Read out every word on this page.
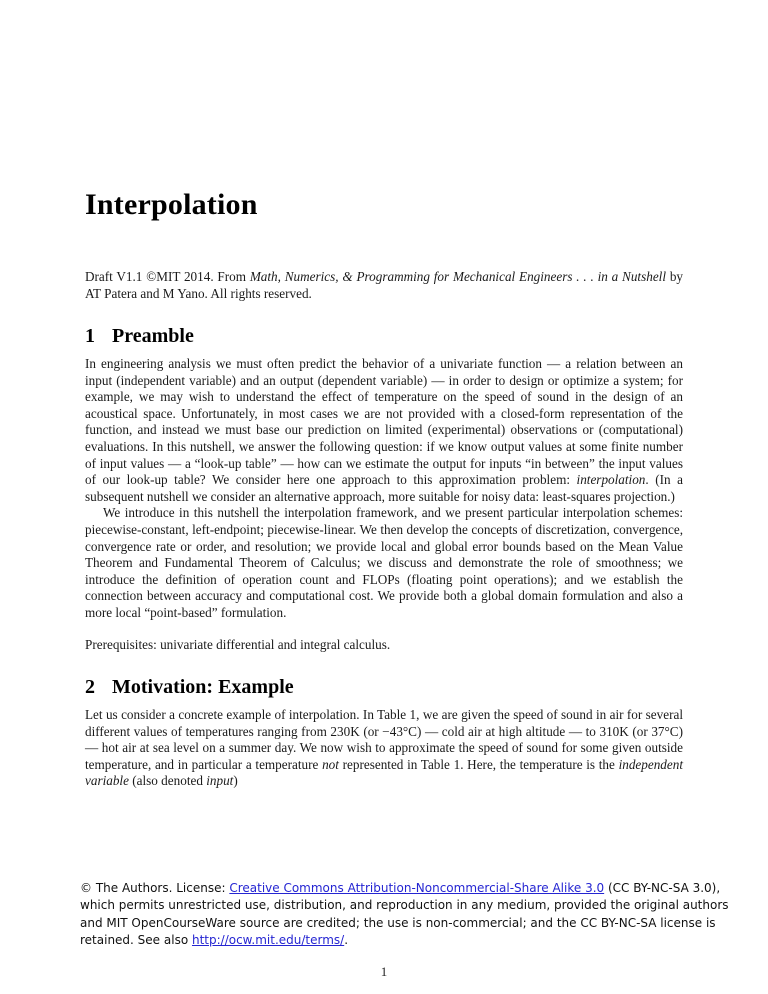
Interpolation

Draft V1.1 ©MIT 2014. From Math, Numerics, & Programming for Mechanical Engineers . . . in a Nutshell by AT Patera and M Yano. All rights reserved.

1 Preamble

In engineering analysis we must often predict the behavior of a univariate function — a relation between an input (independent variable) and an output (dependent variable) — in order to design or optimize a system; for example, we may wish to understand the effect of temperature on the speed of sound in the design of an acoustical space. Unfortunately, in most cases we are not provided with a closed-form representation of the function, and instead we must base our prediction on limited (experimental) observations or (computational) evaluations. In this nutshell, we answer the following question: if we know output values at some finite number of input values — a “look-up table” — how can we estimate the output for inputs “in between” the input values of our look-up table? We consider here one approach to this approximation problem: interpolation. (In a subsequent nutshell we consider an alternative approach, more suitable for noisy data: least-squares projection.)

We introduce in this nutshell the interpolation framework, and we present particular interpolation schemes: piecewise-constant, left-endpoint; piecewise-linear. We then develop the concepts of discretization, convergence, convergence rate or order, and resolution; we provide local and global error bounds based on the Mean Value Theorem and Fundamental Theorem of Calculus; we discuss and demonstrate the role of smoothness; we introduce the definition of operation count and FLOPs (floating point operations); and we establish the connection between accuracy and computational cost. We provide both a global domain formulation and also a more local “point-based” formulation.

Prerequisites: univariate differential and integral calculus.

2 Motivation: Example

Let us consider a concrete example of interpolation. In Table 1, we are given the speed of sound in air for several different values of temperatures ranging from 230K (or −43°C) — cold air at high altitude — to 310K (or 37°C) — hot air at sea level on a summer day. We now wish to approximate the speed of sound for some given outside temperature, and in particular a temperature not represented in Table 1. Here, the temperature is the independent variable (also denoted input)

© The Authors. License: Creative Commons Attribution-Noncommercial-Share Alike 3.0 (CC BY-NC-SA 3.0), which permits unrestricted use, distribution, and reproduction in any medium, provided the original authors and MIT OpenCourseWare source are credited; the use is non-commercial; and the CC BY-NC-SA license is retained. See also http://ocw.mit.edu/terms/.

1
